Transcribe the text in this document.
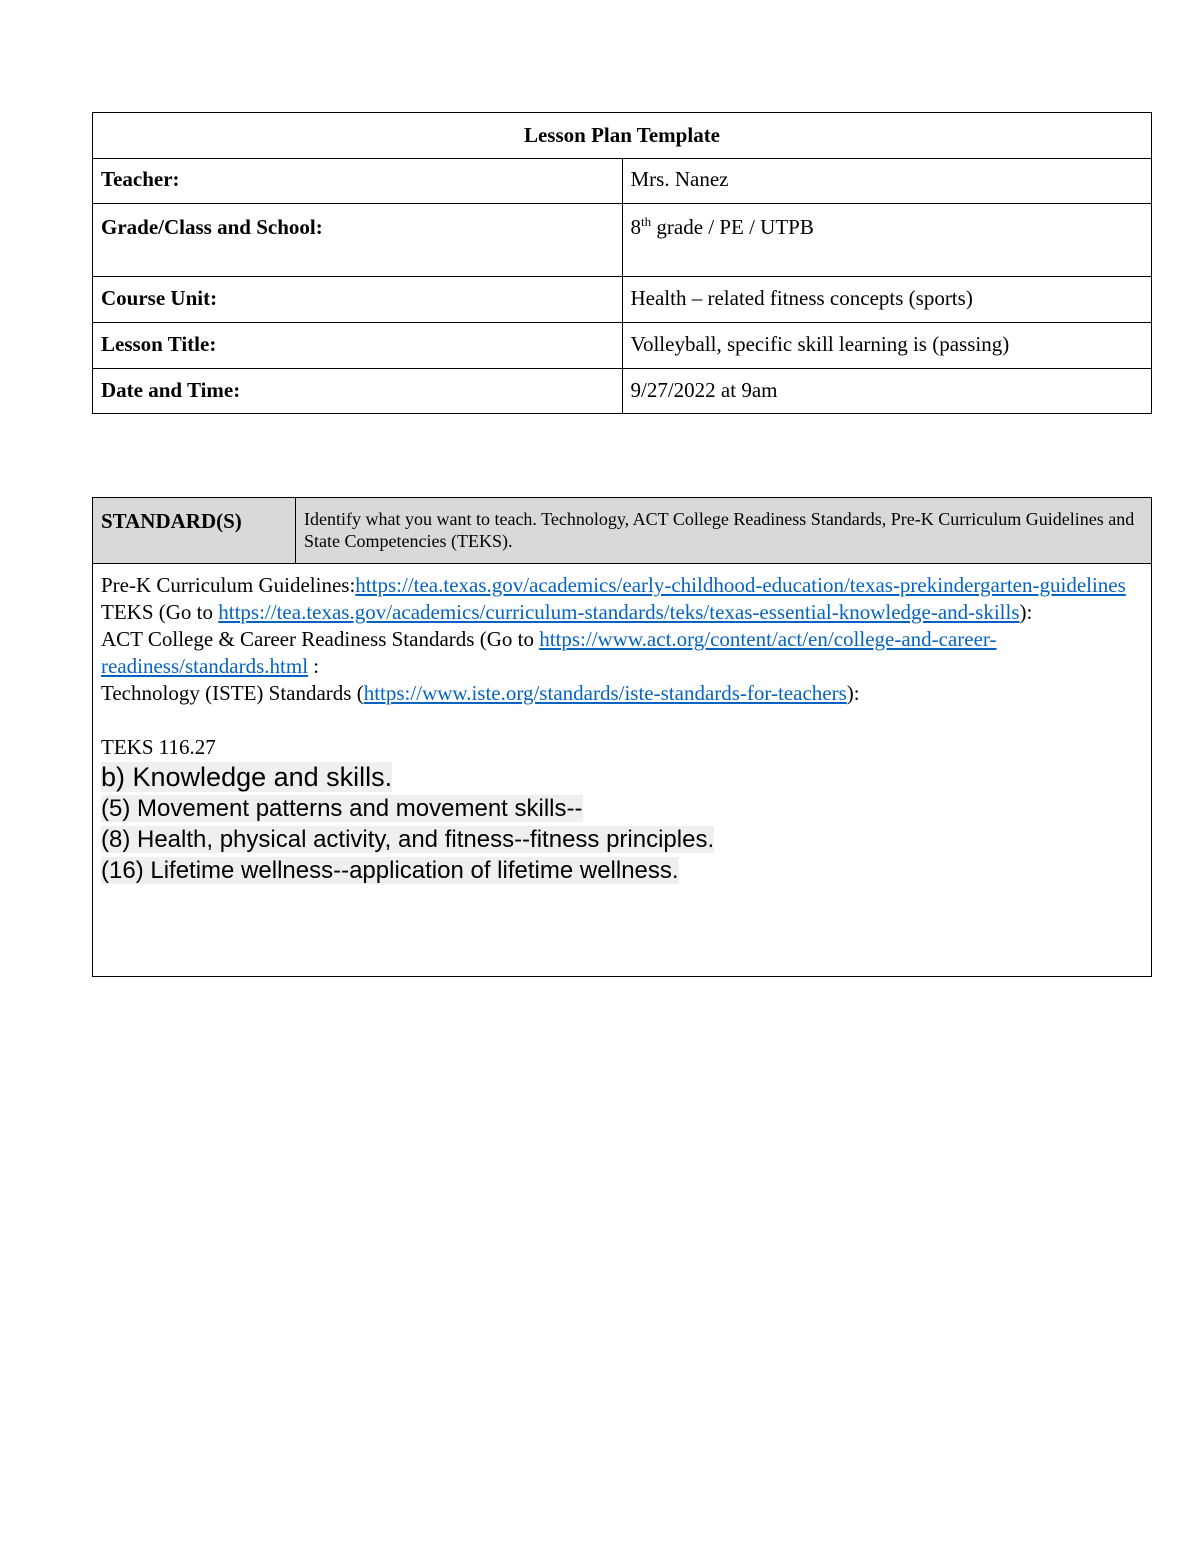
Lesson Plan Template	
Teacher:	Mrs. Nanez
Grade/Class and School:	8th grade / PE / UTPB
Course Unit:	Health – related fitness concepts (sports)
Lesson Title:	Volleyball, specific skill learning is (passing)
Date and Time:	9/27/2022 at 9am
STANDARD(S)	Identify what you want to teach. Technology, ACT College Readiness Standards, Pre-K Curriculum Guidelines and State Competencies (TEKS).

Pre-K Curriculum Guidelines:https://tea.texas.gov/academics/early-childhood-education/texas-prekindergarten-guidelines
TEKS (Go to https://tea.texas.gov/academics/curriculum-standards/teks/texas-essential-knowledge-and-skills):
ACT College & Career Readiness Standards (Go to https://www.act.org/content/act/en/college-and-career-readiness/standards.html :
Technology (ISTE) Standards (https://www.iste.org/standards/iste-standards-for-teachers):
TEKS 116.27
b) Knowledge and skills.
(5) Movement patterns and movement skills--
(8) Health, physical activity, and fitness--fitness principles.
(16) Lifetime wellness--application of lifetime wellness.
